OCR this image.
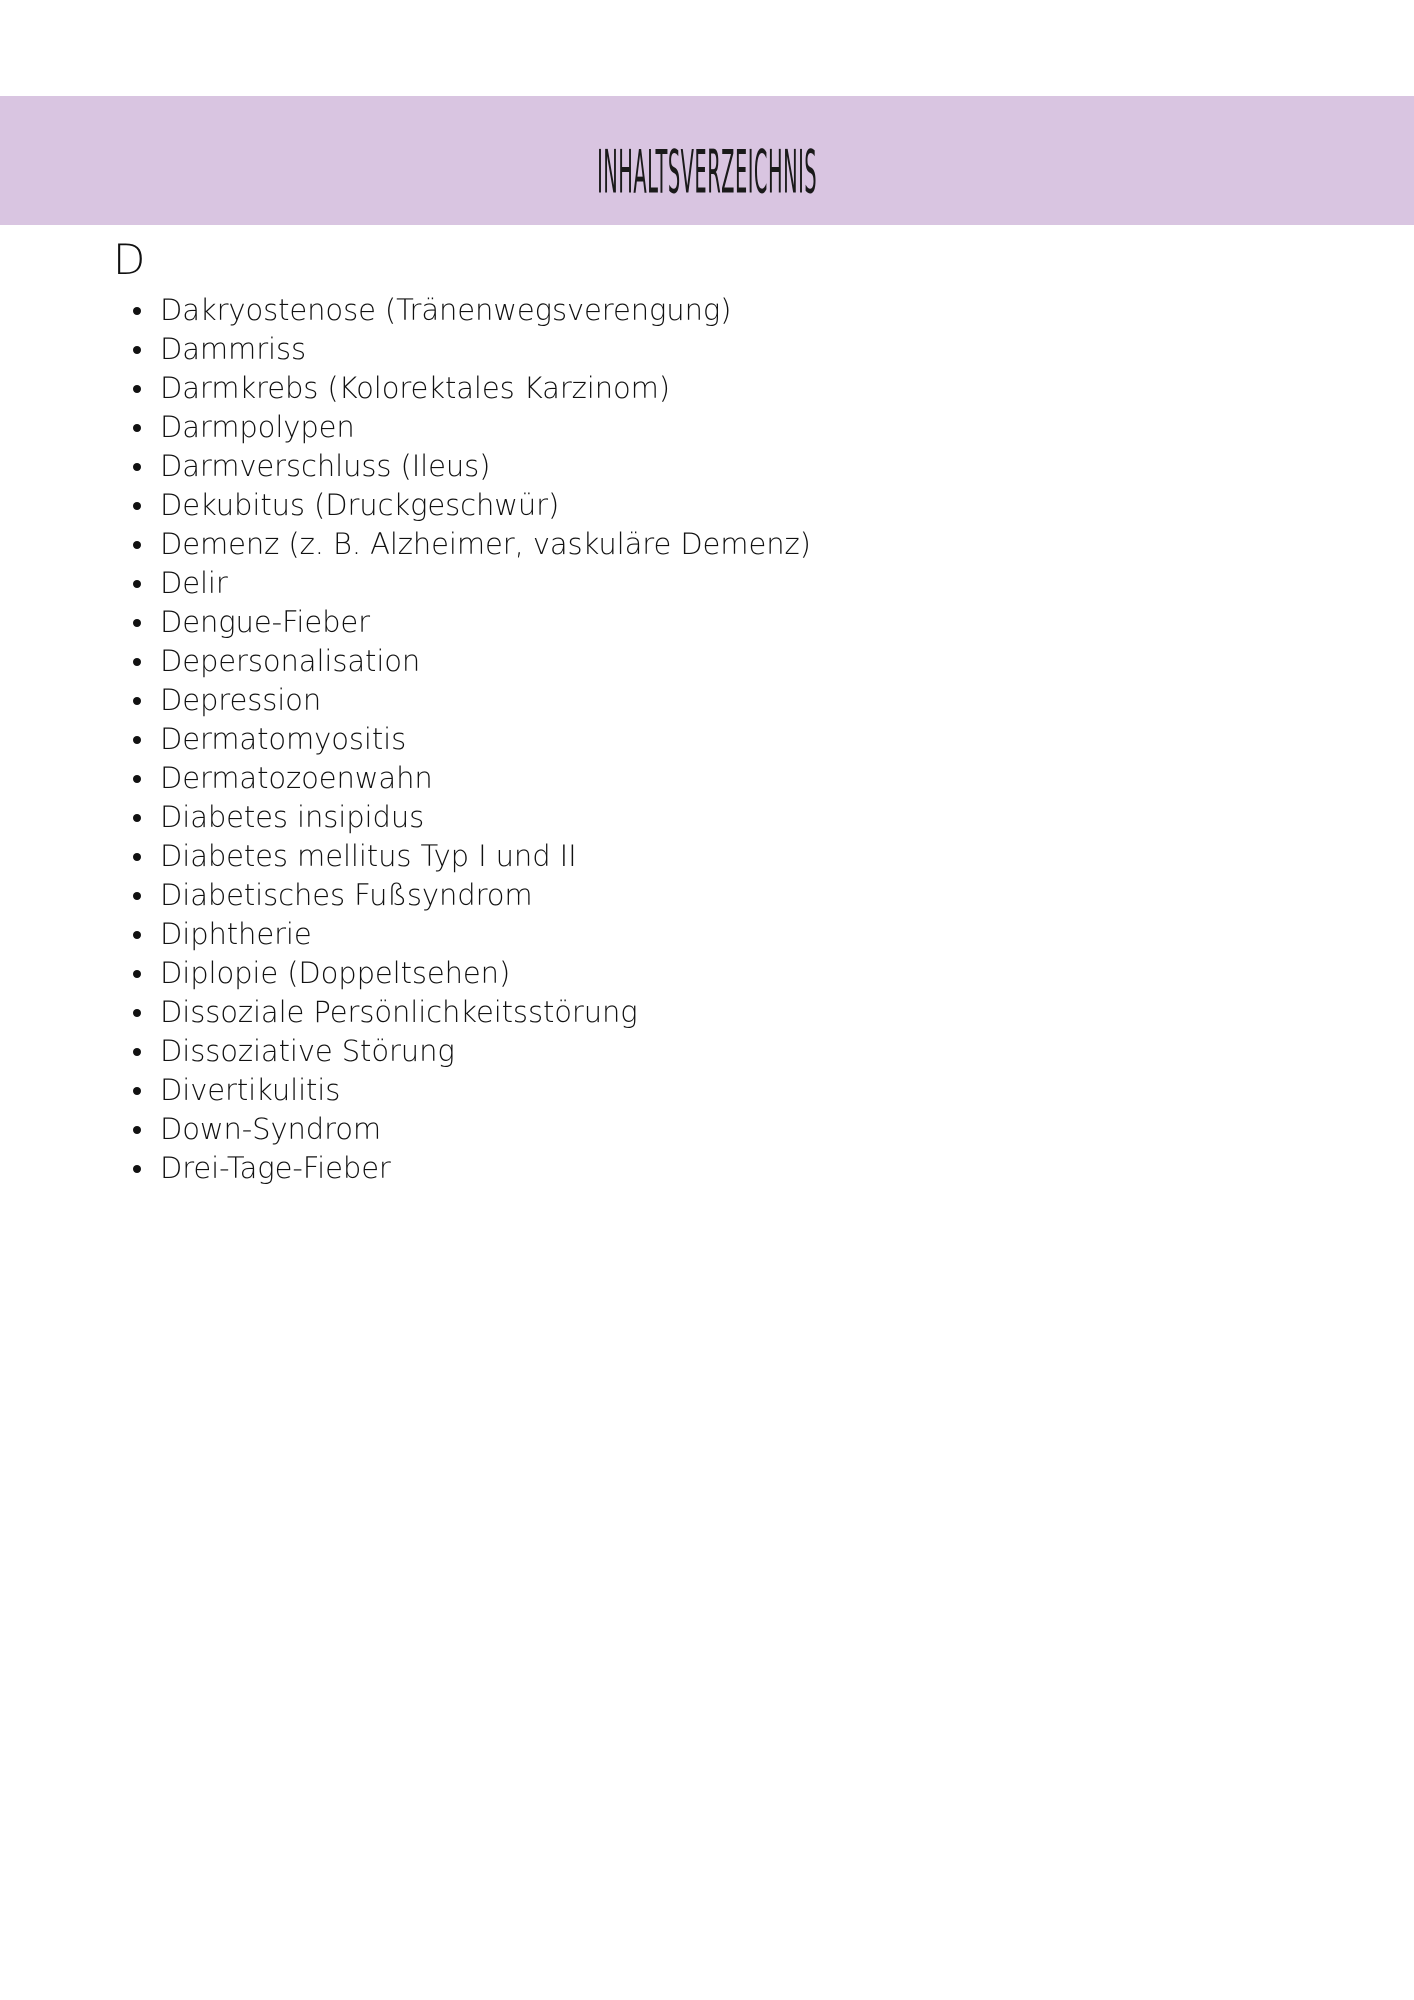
inhaltsverzeichnis
D
Dakryostenose (Tränenwegsverengung)
Dammriss
Darmkrebs (Kolorektales Karzinom)
Darmpolypen
Darmverschluss (Ileus)
Dekubitus (Druckgeschwür)
Demenz (z. B. Alzheimer, vaskuläre Demenz)
Delir
Dengue-Fieber
Depersonalisation
Depression
Dermatomyositis
Dermatozoenwahn
Diabetes insipidus
Diabetes mellitus Typ I und II
Diabetisches Fußsyndrom
Diphtherie
Diplopie (Doppeltsehen)
Dissoziale Persönlichkeitsstörung
Dissoziative Störung
Divertikulitis
Down-Syndrom
Drei-Tage-Fieber
